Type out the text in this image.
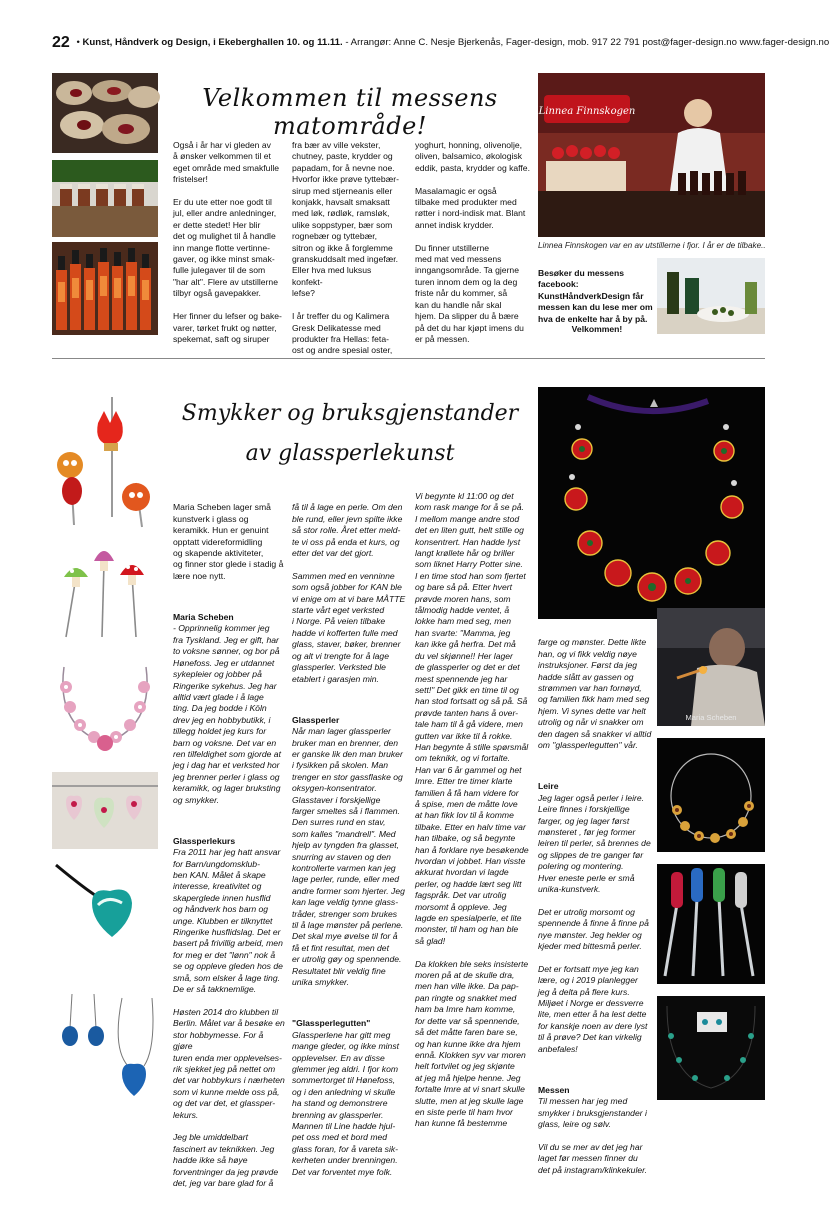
22 • Kunst, Håndverk og Design, i Ekeberghallen 10. og 11.11. - Arrangør: Anne C. Nesje Bjerkenås, Fager-design, mob. 917 22 791 post@fager-design.no www.fager-design.no
Linnea Finnskogen
Linnea Finnskogen var en av utstillerne i fjor. I år er de tilbake..
Velkommen til messens matområde!
Også i år har vi gleden av
å ønsker velkommen til et
eget område med smakfulle
fristelser!

Er du ute etter noe godt til
jul, eller andre anledninger,
er dette stedet! Her blir
det og mulighet til å handle
inn mange flotte vertinne-
gaver, og ikke minst smak-
fulle julegaver til de som
"har alt". Flere av utstillerne
tilbyr også gavepakker.

Her finner du lefser og bake-
varer, tørket frukt og nøtter,
spekemat, saft og siruper
fra bær av ville vekster,
chutney, paste, krydder og
papadam, for å nevne noe.
Hvorfor ikke prøve tyttebær-
sirup med stjerneanis eller
konjakk, havsalt smaksatt
med løk, rødløk, ramsløk,
ulike soppstyper, bær som
rognebær og tyttebær,
sitron og ikke å forglemme
granskuddsalt med ingefær.
Eller hva med luksus konfekt-
lefse?

I år treffer du og Kalimera
Gresk Delikatesse med
produkter fra Hellas: feta-
ost og andre spesial oster,
yoghurt, honning, olivenolje,
oliven, balsamico, økologisk
eddik, pasta, krydder og kaffe.

Masalamagic er også
tilbake med produkter med
røtter i nord-indisk mat. Blant
annet indisk krydder.

Du finner utstillerne
med mat ved messens
inngangsområde. Ta gjerne
turen innom dem og la deg
friste når du kommer, så
kan du handle når skal
hjem. Da slipper du å bære
på det du har kjøpt imens du
er på messen.
Besøker du messens
facebook:
KunstHåndverkDesign får
messen kan du lese mer om
hva de enkelte har å by på.
Velkommen!
Maria Scheben
Smykker og bruksgjenstander av glassperlekunst

Maria Scheben lager små
kunstverk i glass og
keramikk. Hun er genuint
opptatt videreformidling
og skapende aktiviteter,
og finner stor glede i stadig å
lære noe nytt.

Maria Scheben
- Opprinnelig kommer jeg
fra Tyskland. Jeg er gift, har
to voksne sønner, og bor på
Hønefoss. Jeg er utdannet
sykepleier og jobber på
Ringerike sykehus. Jeg har
alltid vært glade i å lage
ting. Da jeg bodde i Köln
drev jeg en hobbybutikk, i
tillegg holdet jeg kurs for
barn og voksne. Det var en
ren tilfeldighet som gjorde at
jeg i dag har et verksted hor
jeg brenner perler i glass og
keramikk, og lager bruksting
og smykker.

Glassperlekurs
Fra 2011 har jeg hatt ansvar
for Barn/ungdomsklub-
ben KAN. Målet å skape
interesse, kreativitet og
skaperglede innen husflid
og håndverk hos barn og
unge. Klubben er tilknyttet
Ringerike husflidslag. Det er
basert på frivillig arbeid, men
for meg er det "lønn" nok å
se og oppleve gleden hos de
små, som elsker å lage ting.
De er så takknemlige.

Høsten 2014 dro klubben til
Berlin. Målet var å besøke en
stor hobbymesse. For å gjøre
turen enda mer opplevelses-
rik sjekket jeg på nettet om
det var hobbykurs i nærheten
som vi kunne melde oss på,
og det var det, et glassper-
lekurs.

Jeg ble umiddelbart
fascinert av teknikken. Jeg
hadde ikke så høye
forventninger da jeg prøvde
det, jeg var bare glad for å

få til å lage en perle. Om den
ble rund, eller jevn spilte ikke
så stor rolle. Året etter meld-
te vi oss på enda et kurs, og
etter det var det gjort.

Sammen med en venninne
som også jobber for KAN ble
vi enige om at vi bare MÅTTE
starte vårt eget verksted
i Norge. På veien tilbake
hadde vi kofferten fulle med
glass, staver, bøker, brenner
og alt vi trengte for å lage
glassperler. Verksted ble
etablert i garasjen min.

Glassperler
Når man lager glassperler
bruker man en brenner, den
er ganske lik den man bruker
i fysikken på skolen. Man
trenger en stor gassflaske og
oksygen-konsentrator.
Glasstaver i forskjellige
farger smeltes så i flammen.
Den surres rund en stav,
som kalles "mandrell". Med
hjelp av tyngden fra glasset,
snurring av staven og den
kontrollerte varmen kan jeg
lage perler, runde, eller med
andre former som hjerter. Jeg
kan lage veldig tynne glass-
tråder, strenger som brukes
til å lage mønster på perlene.
Det skal mye øvelse til for å
få et fint resultat, men det
er utrolig gøy og spennende.
Resultatet blir veldig fine
unika smykker.

"Glassperlegutten"
Glassperlene har gitt meg
mange gleder, og ikke minst
opplevelser. En av disse
glemmer jeg aldri. I fjor kom
sommertorget til Hønefoss,
og i den anledning vi skulle
ha stand og demonstrere
brenning av glassperler.
Mannen til Line hadde hjul-
pet oss med et bord med
glass foran, for å vareta sik-
kerheten under brenningen.
Det var forventet mye folk.

Vi begynte kl 11:00 og det
kom rask mange for å se på.
I mellom mange andre stod
det en liten gutt, helt stille og
konsentrert. Han hadde lyst
langt krøllete hår og briller
som liknet Harry Potter sine.
I en time stod han som fjertet
og bare så på. Etter hvert
prøvde moren hans, som
tålmodig hadde ventet, å
lokke ham med seg, men
han svarte: "Mamma, jeg
kan ikke gå herfra. Det må
du vel skjønne!! Her lager
de glassperler og det er det
mest spennende jeg har
sett!" Det gikk en time til og
han stod fortsatt og så på. Så
prøvde tanten hans å over-
tale ham til å gå videre, men
gutten var ikke til å rokke.
Han begynte å stille spørsmål
om teknikk, og vi fortalte.
Han var 6 år gammel og het
Imre. Etter tre timer klarte
familien å få ham videre for
å spise, men de måtte love
at han fikk lov til å komme
tilbake. Etter en halv time var
han tilbake, og så begynte
han å forklare nye besøkende
hvordan vi jobbet. Han visste
akkurat hvordan vi lagde
perler, og hadde lært seg litt
fagspråk. Det var utrolig
morsomt å oppleve. Jeg
lagde en spesialperle, et lite
monster, til ham og han ble
så glad!

Da klokken ble seks insisterte
moren på at de skulle dra,
men han ville ikke. Da pap-
pan ringte og snakket med
ham ba Imre ham komme,
for dette var så spennende,
så det måtte faren bare se,
og han kunne ikke dra hjem
ennå. Klokken syv var moren
helt fortvilet og jeg skjønte
at jeg må hjelpe henne. Jeg
fortalte Imre at vi snart skulle
slutte, men at jeg skulle lage
en siste perle til ham hvor
han kunne få bestemme

farge og mønster. Dette likte
han, og vi fikk veldig nøye
instruksjoner. Først da jeg
hadde slått av gassen og
strømmen var han fornøyd,
og familien fikk ham med seg
hjem. Vi synes dette var helt
utrolig og når vi snakker om
den dagen så snakker vi alltid
om "glassperlegutten" vår.

Leire
Jeg lager også perler i leire.
Leire finnes i forskjellige
farger, og jeg lager først
mønsteret , før jeg former
leiren til perler, så brennes de
og slippes de tre ganger før
polering og montering.
Hver eneste perle er små
unika-kunstverk.

Det er utrolig morsomt og
spennende å finne å finne på
nye mønster. Jeg hekler og
kjeder med bittesmå perler.

Det er fortsatt mye jeg kan
lære, og i 2019 planlegger
jeg å delta på flere kurs.
Miljøet i Norge er dessverre
lite, men etter å ha lest dette
for kanskje noen av dere lyst
til å prøve? Det kan virkelig
anbefales!

Messen
Til messen har jeg med
smykker i bruksgjenstander i
glass, leire og sølv.

Vil du se mer av det jeg har
laget før messen finner du
det på instagram/klinkekuler.
